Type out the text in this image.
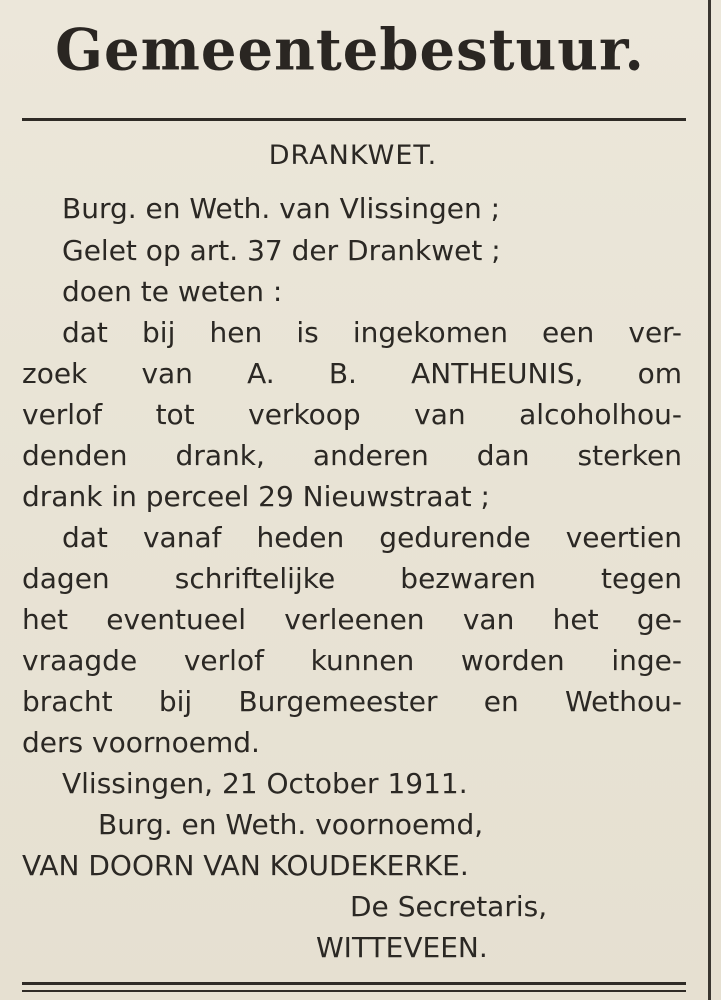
Gemeentebestuur.
DRANKWET.
Burg. en Weth. van Vlissingen ;
Gelet op art. 37 der Drankwet ;
doen te weten :
dat bij hen is ingekomen een ver-
zoek van A. B. ANTHEUNIS, om
verlof tot verkoop van alcoholhou-
denden drank, anderen dan sterken
drank in perceel 29 Nieuwstraat ;
dat vanaf heden gedurende veertien
dagen schriftelijke bezwaren tegen
het eventueel verleenen van het ge-
vraagde verlof kunnen worden inge-
bracht bij Burgemeester en Wethou-
ders voornoemd.
Vlissingen, 21 October 1911.
Burg. en Weth. voornoemd,
VAN DOORN VAN KOUDEKERKE.
De Secretaris,
WITTEVEEN.
